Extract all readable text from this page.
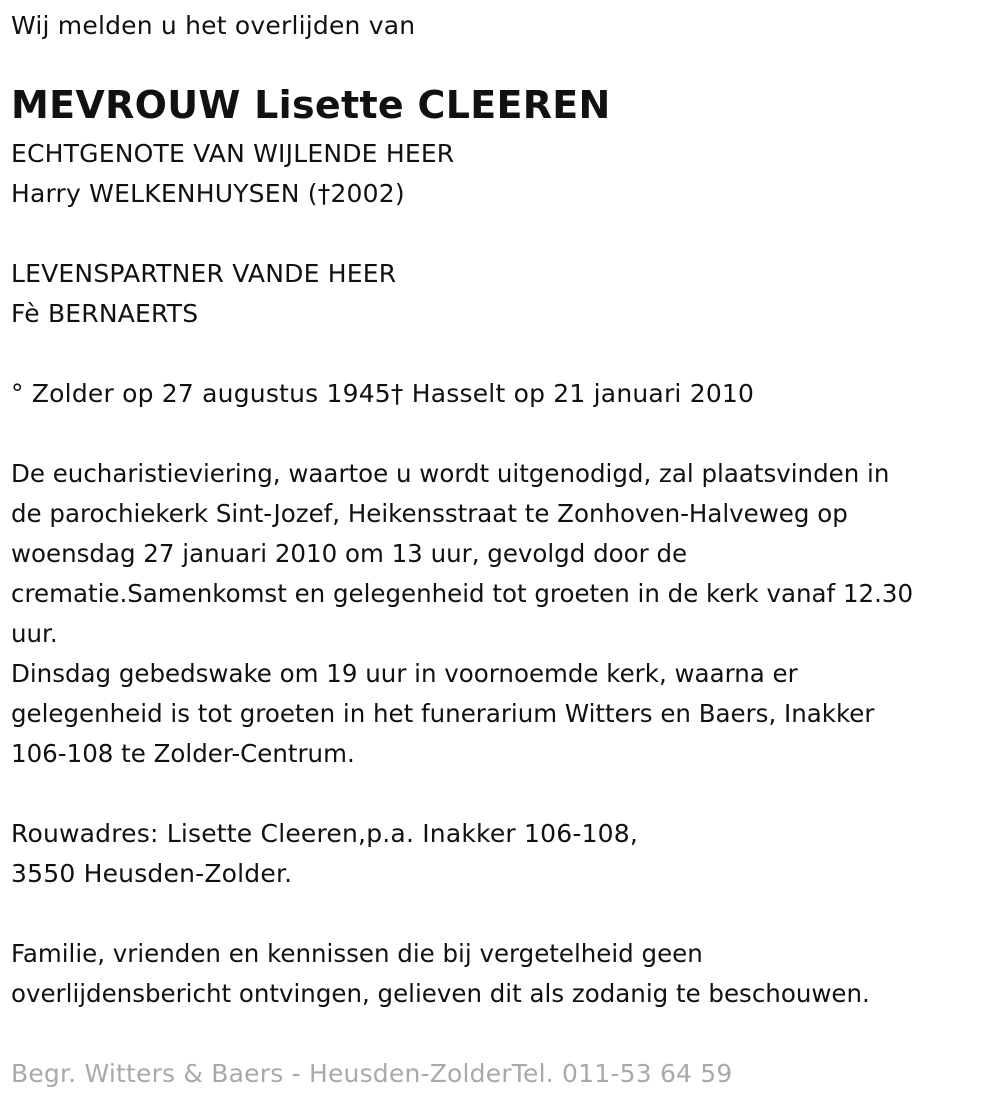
Wij melden u het overlijden van
MEVROUW Lisette CLEEREN
ECHTGENOTE VAN WIJLENDE HEER
Harry WELKENHUYSEN (†2002)
LEVENSPARTNER VANDE HEER
Fè BERNAERTS
° Zolder op 27 augustus 1945† Hasselt op 21 januari 2010
De eucharistieviering, waartoe u wordt uitgenodigd, zal plaatsvinden in
de parochiekerk Sint-Jozef, Heikensstraat te Zonhoven-Halveweg op
woensdag 27 januari 2010 om 13 uur, gevolgd door de
crematie.Samenkomst en gelegenheid tot groeten in de kerk vanaf 12.30
uur.
Dinsdag gebedswake om 19 uur in voornoemde kerk, waarna er
gelegenheid is tot groeten in het funerarium Witters en Baers, Inakker
106-108 te Zolder-Centrum.
Rouwadres: Lisette Cleeren,p.a. Inakker 106-108,
3550 Heusden-Zolder.
Familie, vrienden en kennissen die bij vergetelheid geen
overlijdensbericht ontvingen, gelieven dit als zodanig te beschouwen.
Begr. Witters & Baers - Heusden-ZolderTel. 011-53 64 59
